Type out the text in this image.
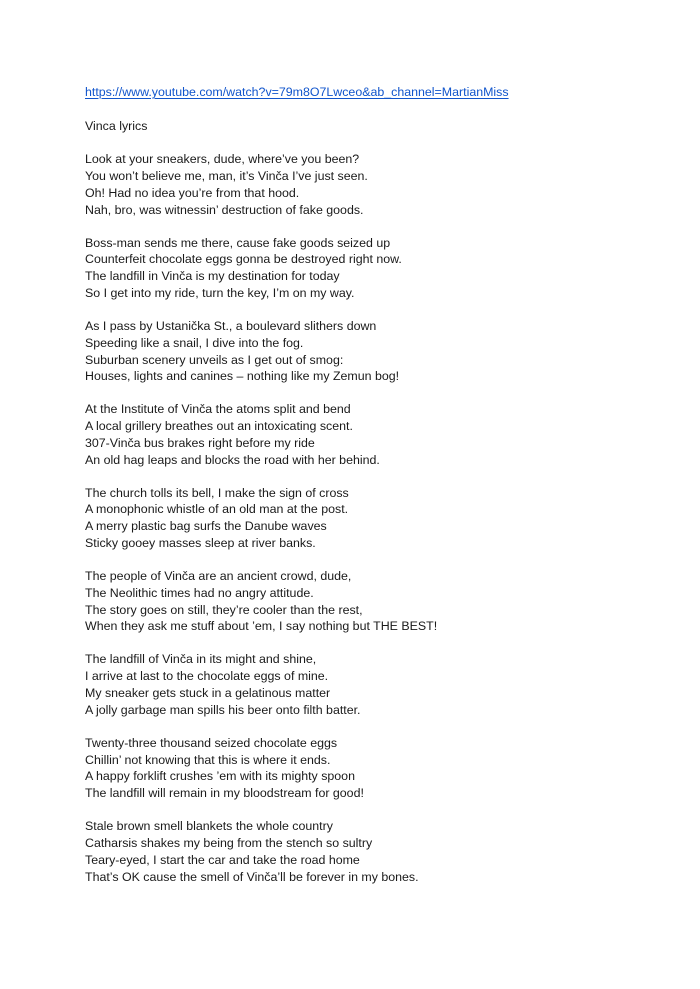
https://www.youtube.com/watch?v=79m8O7Lwceo&ab_channel=MartianMiss
Vinca lyrics
Look at your sneakers, dude, where’ve you been?
You won’t believe me, man, it’s Vinča I’ve just seen.
Oh! Had no idea you’re from that hood.
Nah, bro, was witnessin’ destruction of fake goods.
Boss-man sends me there, cause fake goods seized up
Counterfeit chocolate eggs gonna be destroyed right now.
The landfill in Vinča is my destination for today
So I get into my ride, turn the key, I’m on my way.
As I pass by Ustanička St., a boulevard slithers down
Speeding like a snail, I dive into the fog.
Suburban scenery unveils as I get out of smog:
Houses, lights and canines – nothing like my Zemun bog!
At the Institute of Vinča the atoms split and bend
A local grillery breathes out an intoxicating scent.
307-Vinča bus brakes right before my ride
An old hag leaps and blocks the road with her behind.
The church tolls its bell, I make the sign of cross
A monophonic whistle of an old man at the post.
A merry plastic bag surfs the Danube waves
Sticky gooey masses sleep at river banks.
The people of Vinča are an ancient crowd, dude,
The Neolithic times had no angry attitude.
The story goes on still, they’re cooler than the rest,
When they ask me stuff about ’em, I say nothing but THE BEST!
The landfill of Vinča in its might and shine,
I arrive at last to the chocolate eggs of mine.
My sneaker gets stuck in a gelatinous matter
A jolly garbage man spills his beer onto filth batter.
Twenty-three thousand seized chocolate eggs
Chillin’ not knowing that this is where it ends.
A happy forklift crushes ’em with its mighty spoon
The landfill will remain in my bloodstream for good!
Stale brown smell blankets the whole country
Catharsis shakes my being from the stench so sultry
Teary-eyed, I start the car and take the road home
That’s OK cause the smell of Vinča’ll be forever in my bones.
